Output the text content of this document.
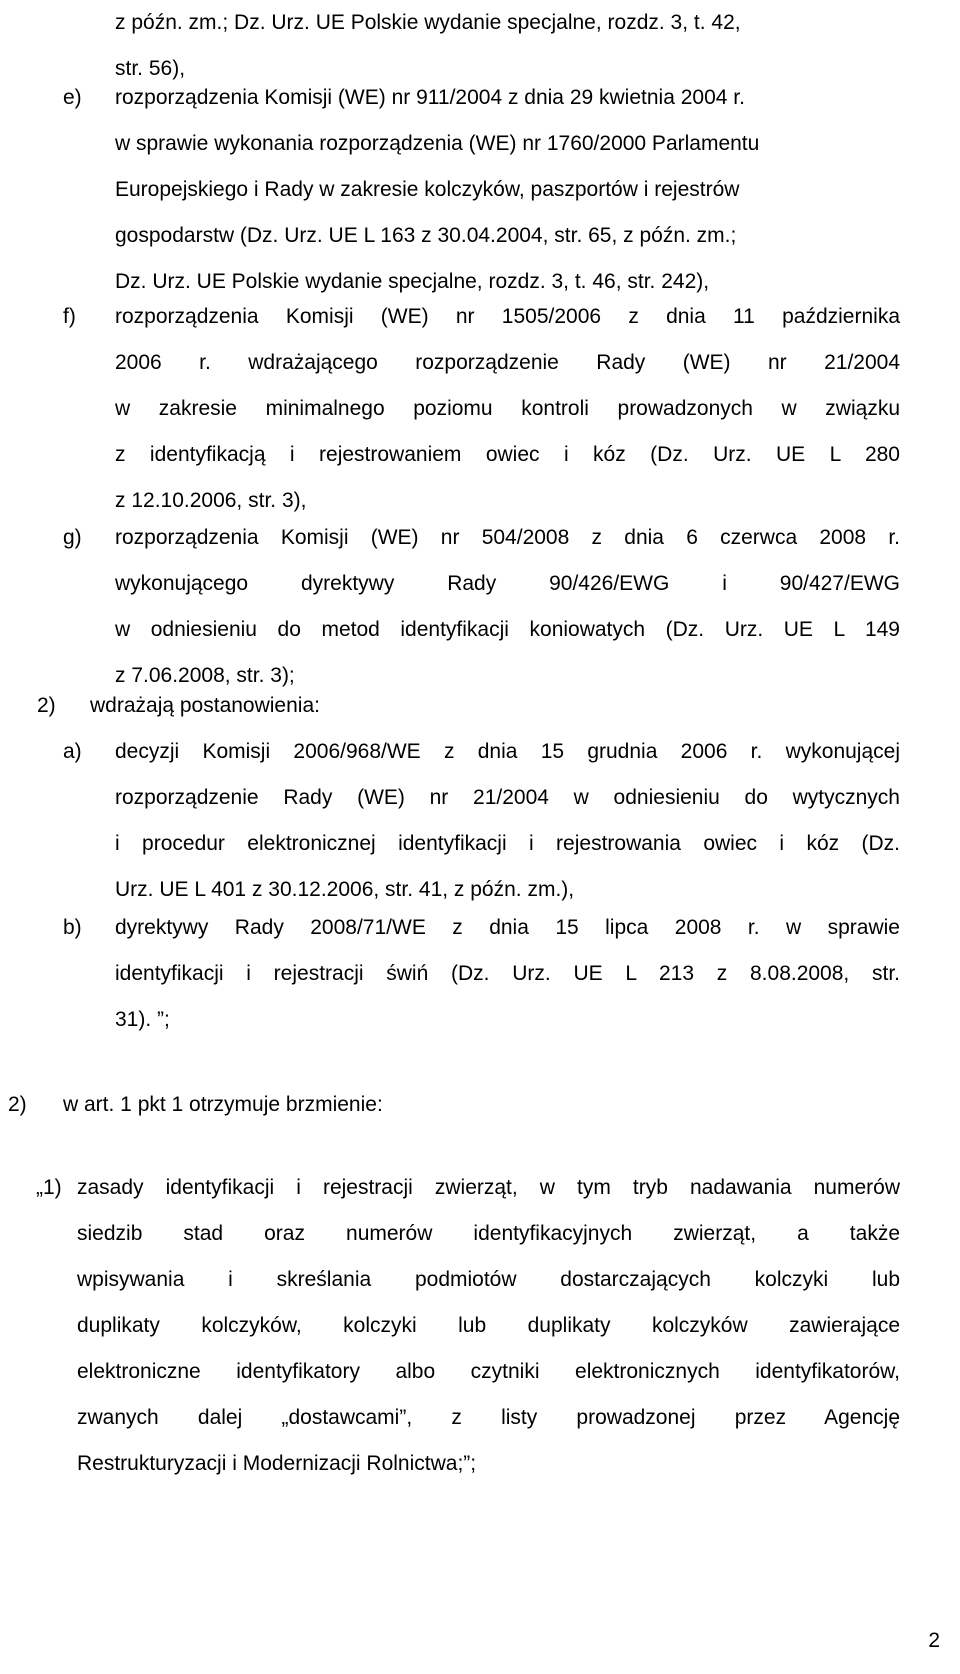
z późn. zm.; Dz. Urz. UE Polskie wydanie specjalne, rozdz. 3, t. 42,
str. 56),
e) rozporządzenia Komisji (WE) nr 911/2004 z dnia 29 kwietnia 2004 r.
w sprawie wykonania rozporządzenia (WE) nr 1760/2000 Parlamentu
Europejskiego i Rady w zakresie kolczyków, paszportów i rejestrów
gospodarstw (Dz. Urz. UE L 163 z 30.04.2004, str. 65, z późn. zm.;
Dz. Urz. UE Polskie wydanie specjalne, rozdz. 3, t. 46, str. 242),
f) rozporządzenia Komisji (WE) nr 1505/2006 z dnia 11 października
2006 r. wdrażającego rozporządzenie Rady (WE) nr 21/2004
w zakresie minimalnego poziomu kontroli prowadzonych w związku
z identyfikacją i rejestrowaniem owiec i kóz (Dz. Urz. UE L 280
z 12.10.2006, str. 3),
g) rozporządzenia Komisji (WE) nr 504/2008 z dnia 6 czerwca 2008 r.
wykonującego dyrektywy Rady 90/426/EWG i 90/427/EWG
w odniesieniu do metod identyfikacji koniowatych (Dz. Urz. UE L 149
z 7.06.2008, str. 3);
2) wdrażają postanowienia:
a) decyzji Komisji 2006/968/WE z dnia 15 grudnia 2006 r. wykonującej
rozporządzenie Rady (WE) nr 21/2004 w odniesieniu do wytycznych
i procedur elektronicznej identyfikacji i rejestrowania owiec i kóz (Dz.
Urz. UE L 401 z 30.12.2006, str. 41, z późn. zm.),
b) dyrektywy Rady 2008/71/WE z dnia 15 lipca 2008 r. w sprawie
identyfikacji i rejestracji świń (Dz. Urz. UE L 213 z 8.08.2008, str.
31). ”;
2) w art. 1 pkt 1 otrzymuje brzmienie:
„1) zasady identyfikacji i rejestracji zwierząt, w tym tryb nadawania numerów
siedzib stad oraz numerów identyfikacyjnych zwierząt, a także
wpisywania i skreślania podmiotów dostarczających kolczyki lub
duplikaty kolczyków, kolczyki lub duplikaty kolczyków zawierające
elektroniczne identyfikatory albo czytniki elektronicznych identyfikatorów,
zwanych dalej „dostawcami”, z listy prowadzonej przez Agencję
Restrukturyzacji i Modernizacji Rolnictwa;”;
2
